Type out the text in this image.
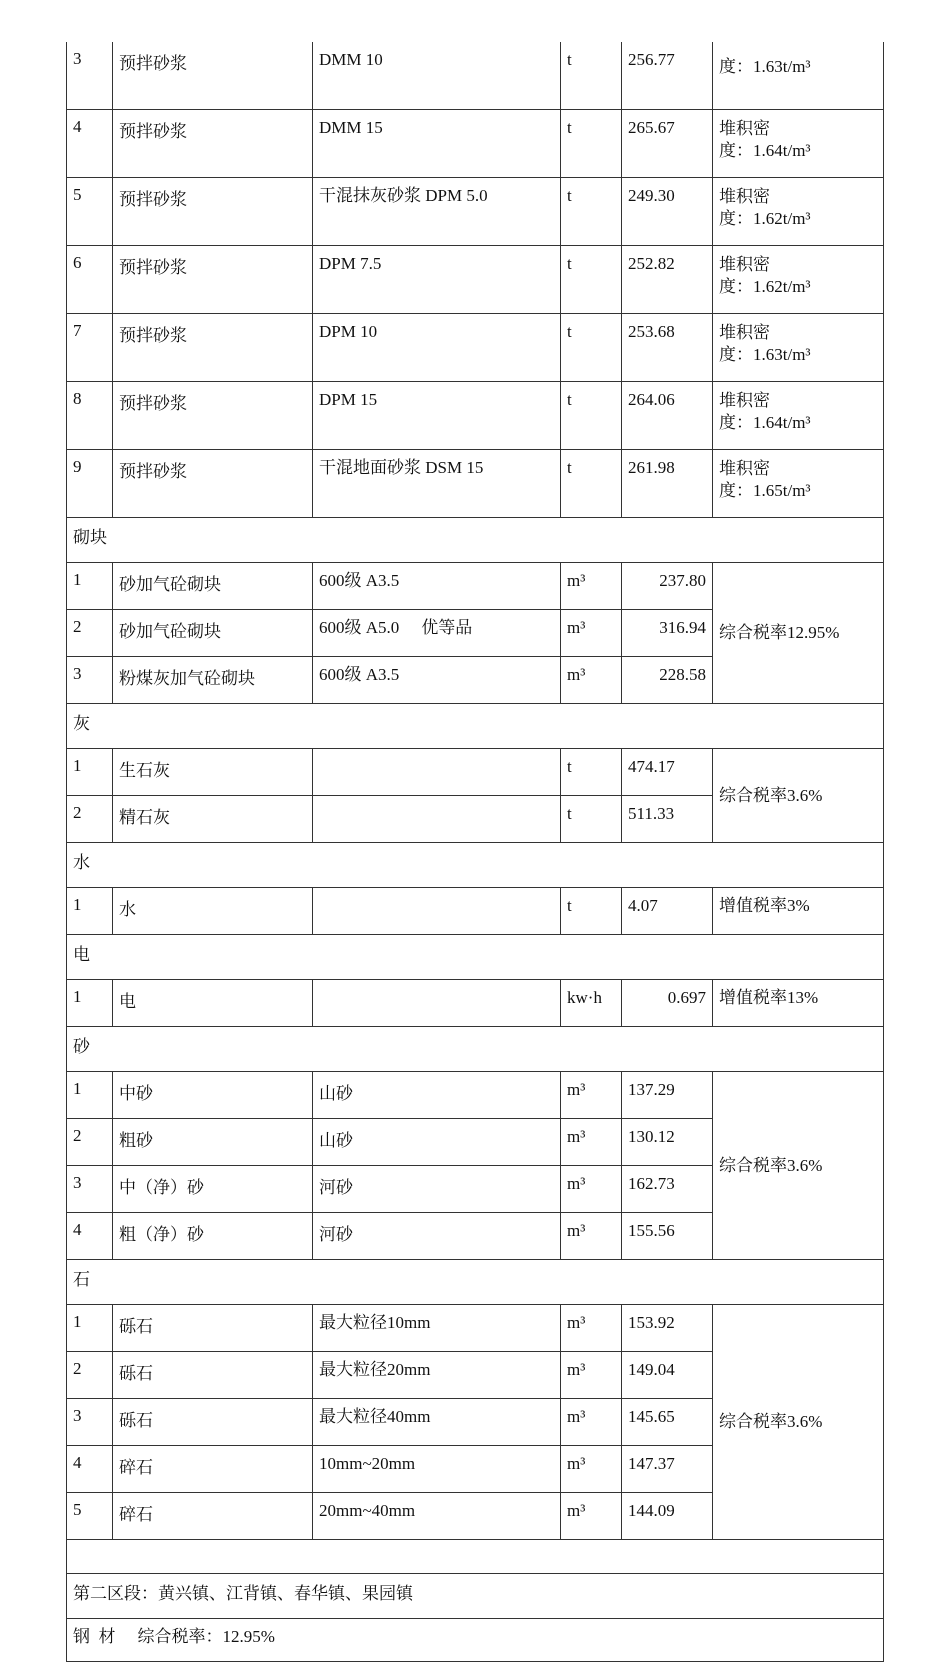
3	预拌砂浆	DMM 10	t	256.77	度：1.63t/m³

4	预拌砂浆	DMM 15	t	265.67	堆积密
度：1.64t/m³

5	预拌砂浆	干混抹灰砂浆 DPM 5.0	t	249.30	堆积密
度：1.62t/m³

6	预拌砂浆	DPM 7.5	t	252.82	堆积密
度：1.62t/m³

7	预拌砂浆	DPM 10	t	253.68	堆积密
度：1.63t/m³

8	预拌砂浆	DPM 15	t	264.06	堆积密
度：1.64t/m³

9	预拌砂浆	干混地面砂浆 DSM 15	t	261.98	堆积密
度：1.65t/m³

砌块					
1	砂加气砼砌块	600级 A3.5	m³	237.80	综合税率12.95%
2	砂加气砼砌块	600级 A5.0 优等品	m³	316.94	
3	粉煤灰加气砼砌块	600级 A3.5	m³	228.58	
灰					
1	生石灰		t	474.17	综合税率3.6%
2	精石灰		t	511.33	
水					
1	水		t	4.07	增值税率3%
电					
1	电		kw·h	0.697	增值税率13%
砂					
1	中砂	山砂	m³	137.29	综合税率3.6%
2	粗砂	山砂	m³	130.12	
3	中（净）砂	河砂	m³	162.73	
4	粗（净）砂	河砂	m³	155.56	
石					
1	砾石	最大粒径10mm	m³	153.92	综合税率3.6%
2	砾石	最大粒径20mm	m³	149.04	
3	砾石	最大粒径40mm	m³	145.65	
4	碎石	10mm~20mm	m³	147.37	
5	碎石	20mm~40mm	m³	144.09	

第二区段：黄兴镇、江背镇、春华镇、果园镇					
钢  材 综合税率：12.95%					
